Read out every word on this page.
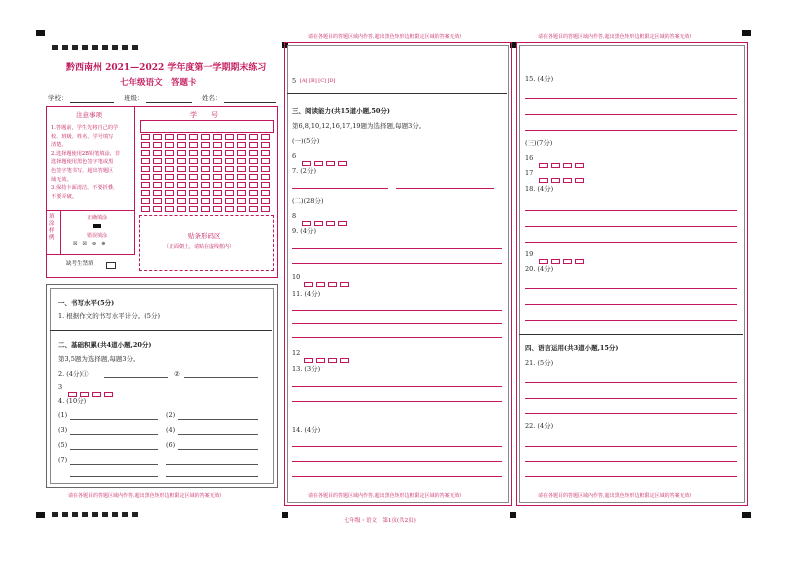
黔西南州 2021—2022 学年度第一学期期末练习
七年级语文　答题卡
学校：	班级：	姓名：
注意事项
1.答题前，学生先将自己的学
校、班级、姓名、学号填写
清楚。
2.选择题使用2B铅笔填涂，非
选择题使用黑色签字笔或黑
色签字笔书写，超出答题区
域无效。
3.保持卡面清洁，不要折叠，
不要弄破。
学　　号
填涂样例
正确填涂
错误填涂
☒　☒　⊖　⊕
贴条形码区
（正面朝上，请贴在虚线框内）
缺考生禁填
一、书写水平(5分)
1. 根据作文的书写水平计分。(5分)
二、基础积累(共4道小题,20分)
第3,5题为选择题,每题3分。
2. (4分)①	②
3
4. (10分)
(1)	(2)
(3)	(4)
(5)	(6)
(7)
请在各题目的答题区域内作答,超出黑色矩形边框限定区域的答案无效!
请在各题目的答题区域内作答,超出黑色矩形边框限定区域的答案无效!
5 [A] [B] [C] [D]
三、阅读能力(共15道小题,50分)
第6,8,10,12,16,17,19题为选择题,每题3分。
(一)(5分)
6
7. (2分)
(二)(28分)
8
9. (4分)
10
11. (4分)
12
13. (3分)
14. (4分)
请在各题目的答题区域内作答,超出黑色矩形边框限定区域的答案无效!
请在各题目的答题区域内作答,超出黑色矩形边框限定区域的答案无效!
15. (4分)
(三)(7分)
16
17
18. (4分)
19
20. (4分)
四、语言运用(共3道小题,15分)
21. (5分)
22. (4分)
请在各题目的答题区域内作答,超出黑色矩形边框限定区域的答案无效!
七年级・语文　第1页(共2页)
